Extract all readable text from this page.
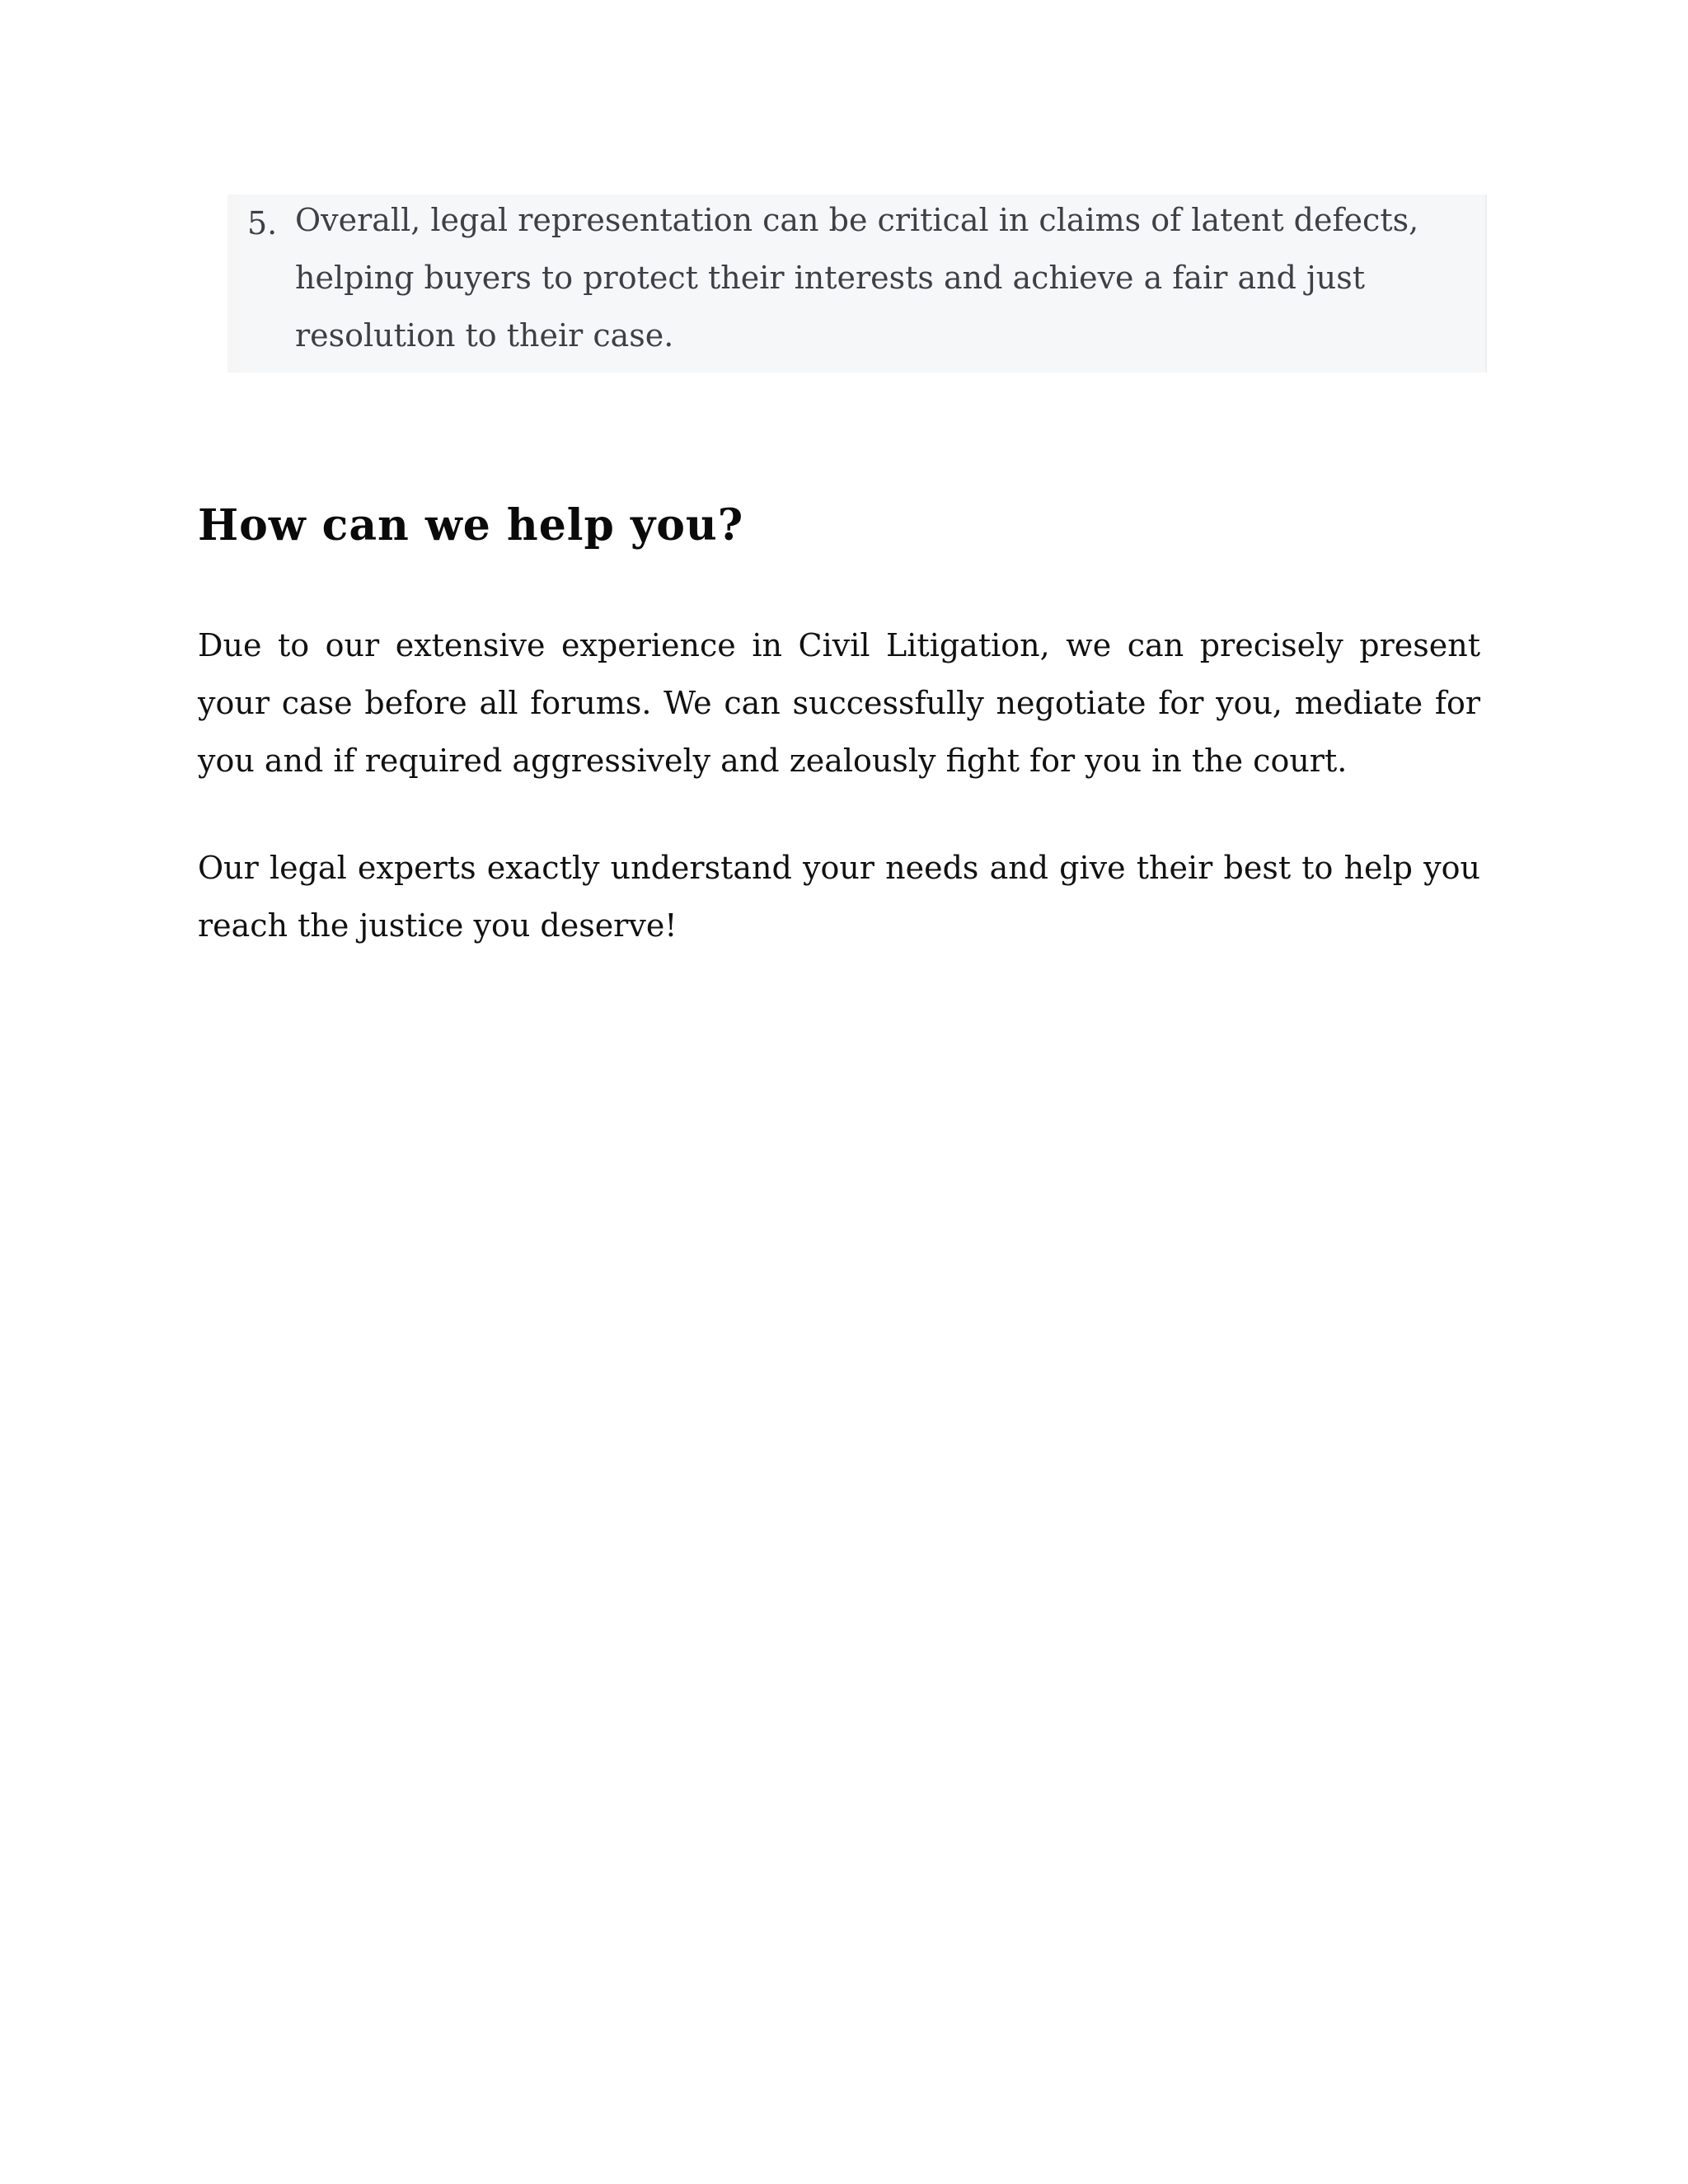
5. Overall, legal representation can be critical in claims of latent defects, helping buyers to protect their interests and achieve a fair and just resolution to their case.
How can we help you?

Due to our extensive experience in Civil Litigation, we can precisely present your case before all forums. We can successfully negotiate for you, mediate for you and if required aggressively and zealously fight for you in the court.

Our legal experts exactly understand your needs and give their best to help you reach the justice you deserve!
